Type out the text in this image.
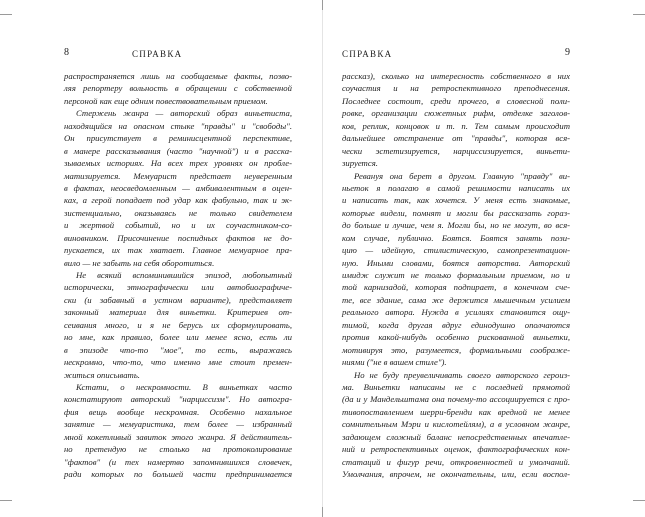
8	СПРАВКА
распространяется лишь на сообщаемые факты, позво-
ляя репортеру вольность в обращении с собственной
персоной как еще одним повествовательным приемом.
Стержень жанра — авторский образ виньетиста,
находящийся на опасном стыке "правды" и "свободы".
Он присутствует в реминисцентной перспективе,
в манере рассказывания (часто "научной") и в расска-
зываемых историях. На всех трех уровнях он пробле-
матизируется. Мемуарист предстает неуверенным
в фактах, неосведомленным — амбивалентным в оцен-
ках, а герой попадает под удар как фабульно, так и эк-
зистенциально, оказываясь не только свидетелем
и жертвой событий, но и их соучастником-со-
виновником. Присочинение поспидных фактов не до-
пускается, их так хватает. Главное мемуарное пра-
вило — не забыть на себя оборотиться.
Не всякий вспоминившийся эпизод, любопытный
исторически, этнографически или автобиографиче-
ски (и забавный в устном варианте), представляет
законный материал для виньетки. Критериев от-
сеивания много, и я не берусь их сформулировать,
но мне, как правило, более или менее ясно, есть ли
в эпизоде что-то "мое", то есть, выражаясь
нескромно, что-то, что именно мне стоит премен-
житься описывать.
Кстати, о нескромности. В виньетках часто
констатируют авторский "нарциссизм". Но автогра-
фия вещь вообще нескромная. Особенно нахальное
занятие — мемуаристика, тем более — избранный
мной кокетливый завиток этого жанра. Я действитель-
но претендую не столько на протоколирование
"фактов" (и тех намертво запомнившихся словечек,
ради которых по большей части предпринимается
СПРАВКА	9
рассказ), сколько на интересность собственного в них
соучастия и на ретроспективного преподнесения.
Последнее состоит, среди прочего, в словесной поли-
ровке, организации сюжетных рифм, отделке заголов-
ков, реплик, концовок и т. п. Тем самым происходит
дальнейшее отстранение от "правды", которая вся-
чески эстетизируется, нарциссизируется, виньети-
зируется.
Ревануя она берет в другом. Главную "правду" ви-
ньеток я полагаю в самой решимости написать их
и написать так, как хочется. У меня есть знакомые,
которые видели, помнят и могли бы рассказать гораз-
до больше и лучше, чем я. Могли бы, но не могут, во вся-
ком случае, публично. Боятся. Боятся занять пози-
цию — идейную, стилистическую, самопрезентацион-
ную. Иными словами, боятся авторства. Авторский
имидж служит не только формальным приемом, но и
той карнизадой, которая подпирает, в конечном сче-
те, все здание, сама же держится мышечным усилием
реального автора. Нужда в усилиях становится ощу-
тимой, когда другая вдруг единодушно ополчаются
против какой-нибудь особенно рискованной виньетки,
мотивируя это, разумеется, формальными соображе-
ниями ("не в вашем стиле").
Но не буду преувеличивать своего авторского героиз-
ма. Виньетки написаны не с последней прямотой
(да и у Мандельштама она почему-то ассоциируется с про-
тивопоставлением шерри-бренди как вредной не менее
сомнительным Мэри и кислотейлям), а в условном жанре,
задающем сложный баланс непосредственных впечатле-
ний и ретроспективных оценок, фактографических кон-
статаций и фигур речи, откровенностей и умолчаний.
Умолчания, впрочем, не окончательны, или, если воспол-
